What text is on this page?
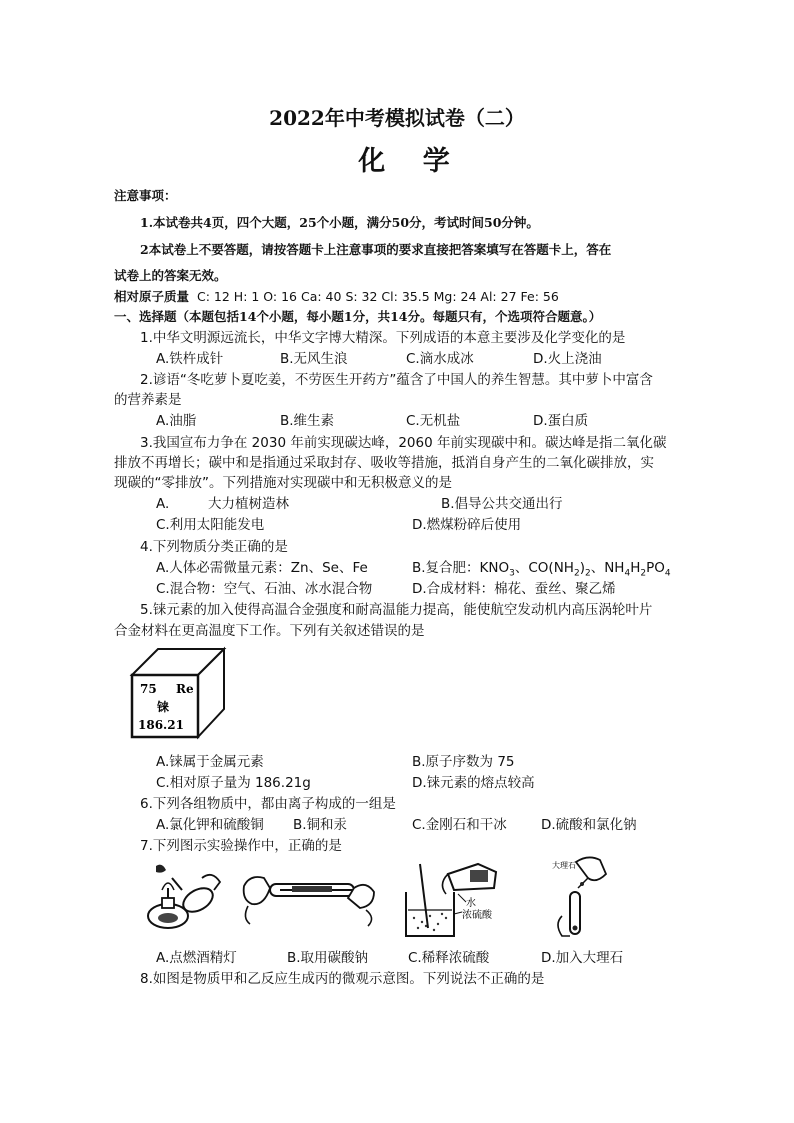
2022年中考模拟试卷（二）
化 学
注意事项：
1.本试卷共4页，四个大题，25个小题，满分50分，考试时间50分钟。
2本试卷上不要答题，请按答题卡上注意事项的要求直接把答案填写在答题卡上，答在
试卷上的答案无效。
相对原子质量 C: 12 H: 1 O: 16 Ca: 40 S: 32 Cl: 35.5 Mg: 24 Al: 27 Fe: 56
一、选择题（本题包括14个小题，每小题1分，共14分。每题只有，个选项符合题意。）
1.中华文明源远流长，中华文字博大精深。下列成语的本意主要涉及化学变化的是
A.铁杵成针	B.无风生浪	C.滴水成冰	D.火上浇油
2.谚语“冬吃萝卜夏吃姜，不劳医生开药方”蕴含了中国人的养生智慧。其中萝卜中富含
的营养素是
A.油脂	B.维生素	C.无机盐	D.蛋白质
3.我国宣布力争在 2030 年前实现碳达峰，2060 年前实现碳中和。碳达峰是指二氧化碳
排放不再增长；碳中和是指通过采取封存、吸收等措施，抵消自身产生的二氧化碳排放，实
现碳的“零排放”。下列措施对实现碳中和无积极意义的是
A.	大力植树造林	B.倡导公共交通出行
C.利用太阳能发电	D.燃煤粉碎后使用
4.下列物质分类正确的是
A.人体必需微量元素：Zn、Se、Fe	B.复合肥：$KNO_3$、$CO(NH_2)_2$、$NH_4H_2PO_4$
C.混合物：空气、石油、冰水混合物	D.合成材料：棉花、蚕丝、聚乙烯
5.铼元素的加入使得高温合金强度和耐高温能力提高，能使航空发动机内高压涡轮叶片
合金材料在更高温度下工作。下列有关叙述错误的是
75 Re
铼
186.21
A.铼属于金属元素	B.原子序数为 75
C.相对原子量为 186.21g	D.铼元素的熔点较高
6.下列各组物质中，都由离子构成的一组是
A.氯化钾和硫酸铜 B.铜和汞	C.金刚石和干冰	D.硫酸和氯化钠
7.下列图示实验操作中，正确的是
水
浓硫酸
大理石
A.点燃酒精灯	B.取用碳酸钠	C.稀释浓硫酸	D.加入大理石
8.如图是物质甲和乙反应生成丙的微观示意图。下列说法不正确的是
